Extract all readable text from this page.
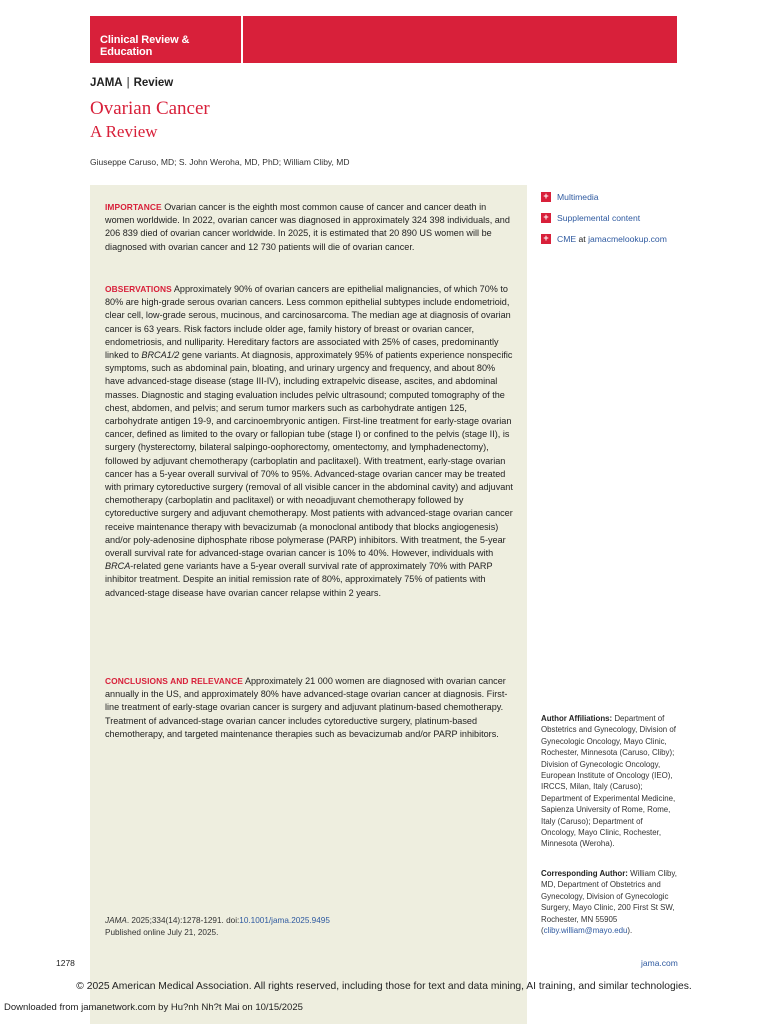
Clinical Review & Education
JAMA | Review
Ovarian Cancer
A Review
Giuseppe Caruso, MD; S. John Weroha, MD, PhD; William Cliby, MD
IMPORTANCE Ovarian cancer is the eighth most common cause of cancer and cancer death in women worldwide. In 2022, ovarian cancer was diagnosed in approximately 324 398 individuals, and 206 839 died of ovarian cancer worldwide. In 2025, it is estimated that 20 890 US women will be diagnosed with ovarian cancer and 12 730 patients will die of ovarian cancer.
OBSERVATIONS Approximately 90% of ovarian cancers are epithelial malignancies, of which 70% to 80% are high-grade serous ovarian cancers. Less common epithelial subtypes include endometrioid, clear cell, low-grade serous, mucinous, and carcinosarcoma. The median age at diagnosis of ovarian cancer is 63 years. Risk factors include older age, family history of breast or ovarian cancer, endometriosis, and nulliparity. Hereditary factors are associated with 25% of cases, predominantly linked to BRCA1/2 gene variants. At diagnosis, approximately 95% of patients experience nonspecific symptoms, such as abdominal pain, bloating, and urinary urgency and frequency, and about 80% have advanced-stage disease (stage III-IV), including extrapelvic disease, ascites, and abdominal masses. Diagnostic and staging evaluation includes pelvic ultrasound; computed tomography of the chest, abdomen, and pelvis; and serum tumor markers such as carbohydrate antigen 125, carbohydrate antigen 19-9, and carcinoembryonic antigen. First-line treatment for early-stage ovarian cancer, defined as limited to the ovary or fallopian tube (stage I) or confined to the pelvis (stage II), is surgery (hysterectomy, bilateral salpingo-oophorectomy, omentectomy, and lymphadenectomy), followed by adjuvant chemotherapy (carboplatin and paclitaxel). With treatment, early-stage ovarian cancer has a 5-year overall survival of 70% to 95%. Advanced-stage ovarian cancer may be treated with primary cytoreductive surgery (removal of all visible cancer in the abdominal cavity) and adjuvant chemotherapy (carboplatin and paclitaxel) or with neoadjuvant chemotherapy followed by cytoreductive surgery and adjuvant chemotherapy. Most patients with advanced-stage ovarian cancer receive maintenance therapy with bevacizumab (a monoclonal antibody that blocks angiogenesis) and/or poly-adenosine diphosphate ribose polymerase (PARP) inhibitors. With treatment, the 5-year overall survival rate for advanced-stage ovarian cancer is 10% to 40%. However, individuals with BRCA-related gene variants have a 5-year overall survival rate of approximately 70% with PARP inhibitor treatment. Despite an initial remission rate of 80%, approximately 75% of patients with advanced-stage disease have ovarian cancer relapse within 2 years.
CONCLUSIONS AND RELEVANCE Approximately 21 000 women are diagnosed with ovarian cancer annually in the US, and approximately 80% have advanced-stage ovarian cancer at diagnosis. First-line treatment of early-stage ovarian cancer is surgery and adjuvant platinum-based chemotherapy. Treatment of advanced-stage ovarian cancer includes cytoreductive surgery, platinum-based chemotherapy, and targeted maintenance therapies such as bevacizumab and/or PARP inhibitors.
JAMA. 2025;334(14):1278-1291. doi:10.1001/jama.2025.9495
Published online July 21, 2025.
+ Multimedia
+ Supplemental content
+ CME at jamacmelookup.com
Author Affiliations: Department of Obstetrics and Gynecology, Division of Gynecologic Oncology, Mayo Clinic, Rochester, Minnesota (Caruso, Cliby); Division of Gynecologic Oncology, European Institute of Oncology (IEO), IRCCS, Milan, Italy (Caruso); Department of Experimental Medicine, Sapienza University of Rome, Rome, Italy (Caruso); Department of Oncology, Mayo Clinic, Rochester, Minnesota (Weroha).
Corresponding Author: William Cliby, MD, Department of Obstetrics and Gynecology, Division of Gynecologic Surgery, Mayo Clinic, 200 First St SW, Rochester, MN 55905 (cliby.william@mayo.edu).
1278	jama.com
© 2025 American Medical Association. All rights reserved, including those for text and data mining, AI training, and similar technologies.
Downloaded from jamanetwork.com by Hu?nh Nh?t Mai on 10/15/2025
